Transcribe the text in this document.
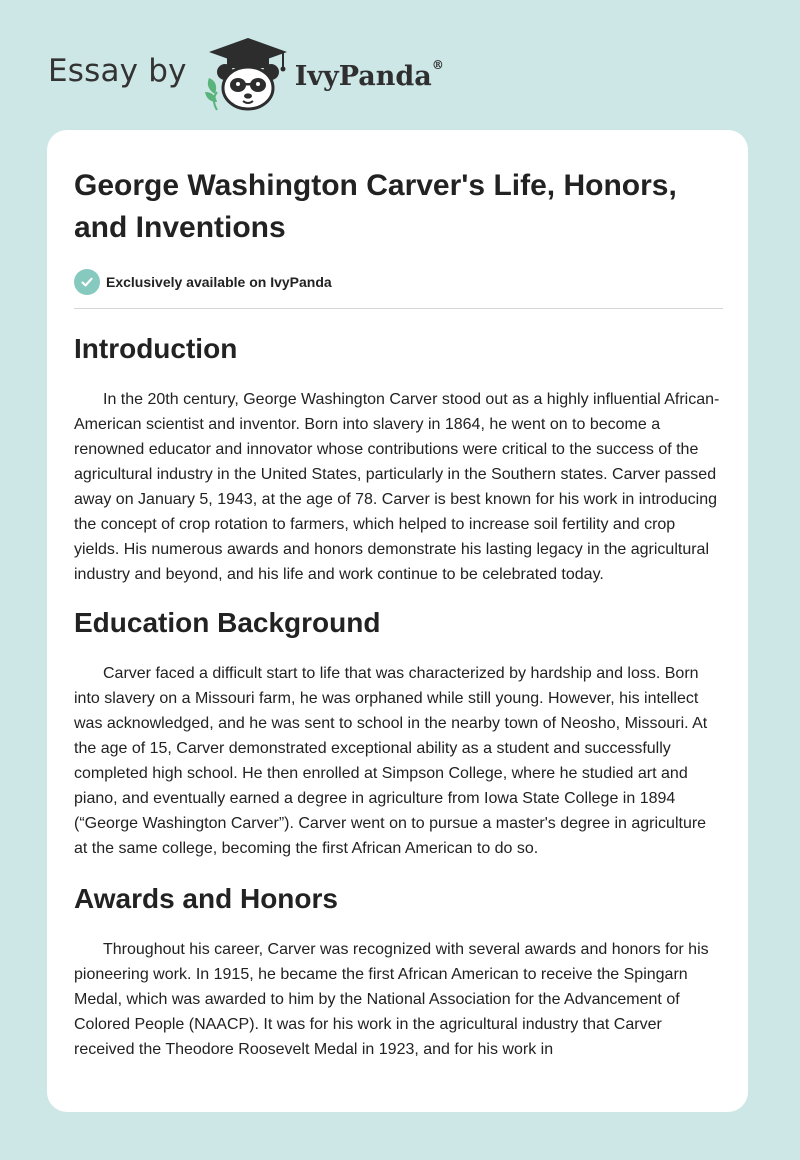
Essay by	IvyPanda®
George Washington Carver's Life, Honors, and Inventions
Exclusively available on IvyPanda
Introduction

In the 20th century, George Washington Carver stood out as a highly influential African-American scientist and inventor. Born into slavery in 1864, he went on to become a renowned educator and innovator whose contributions were critical to the success of the agricultural industry in the United States, particularly in the Southern states. Carver passed away on January 5, 1943, at the age of 78. Carver is best known for his work in introducing the concept of crop rotation to farmers, which helped to increase soil fertility and crop yields. His numerous awards and honors demonstrate his lasting legacy in the agricultural industry and beyond, and his life and work continue to be celebrated today.

Education Background

Carver faced a difficult start to life that was characterized by hardship and loss. Born into slavery on a Missouri farm, he was orphaned while still young. However, his intellect was acknowledged, and he was sent to school in the nearby town of Neosho, Missouri. At the age of 15, Carver demonstrated exceptional ability as a student and successfully completed high school. He then enrolled at Simpson College, where he studied art and piano, and eventually earned a degree in agriculture from Iowa State College in 1894 (“George Washington Carver”). Carver went on to pursue a master's degree in agriculture at the same college, becoming the first African American to do so.

Awards and Honors

Throughout his career, Carver was recognized with several awards and honors for his pioneering work. In 1915, he became the first African American to receive the Spingarn Medal, which was awarded to him by the National Association for the Advancement of Colored People (NAACP). It was for his work in the agricultural industry that Carver received the Theodore Roosevelt Medal in 1923, and for his work in
